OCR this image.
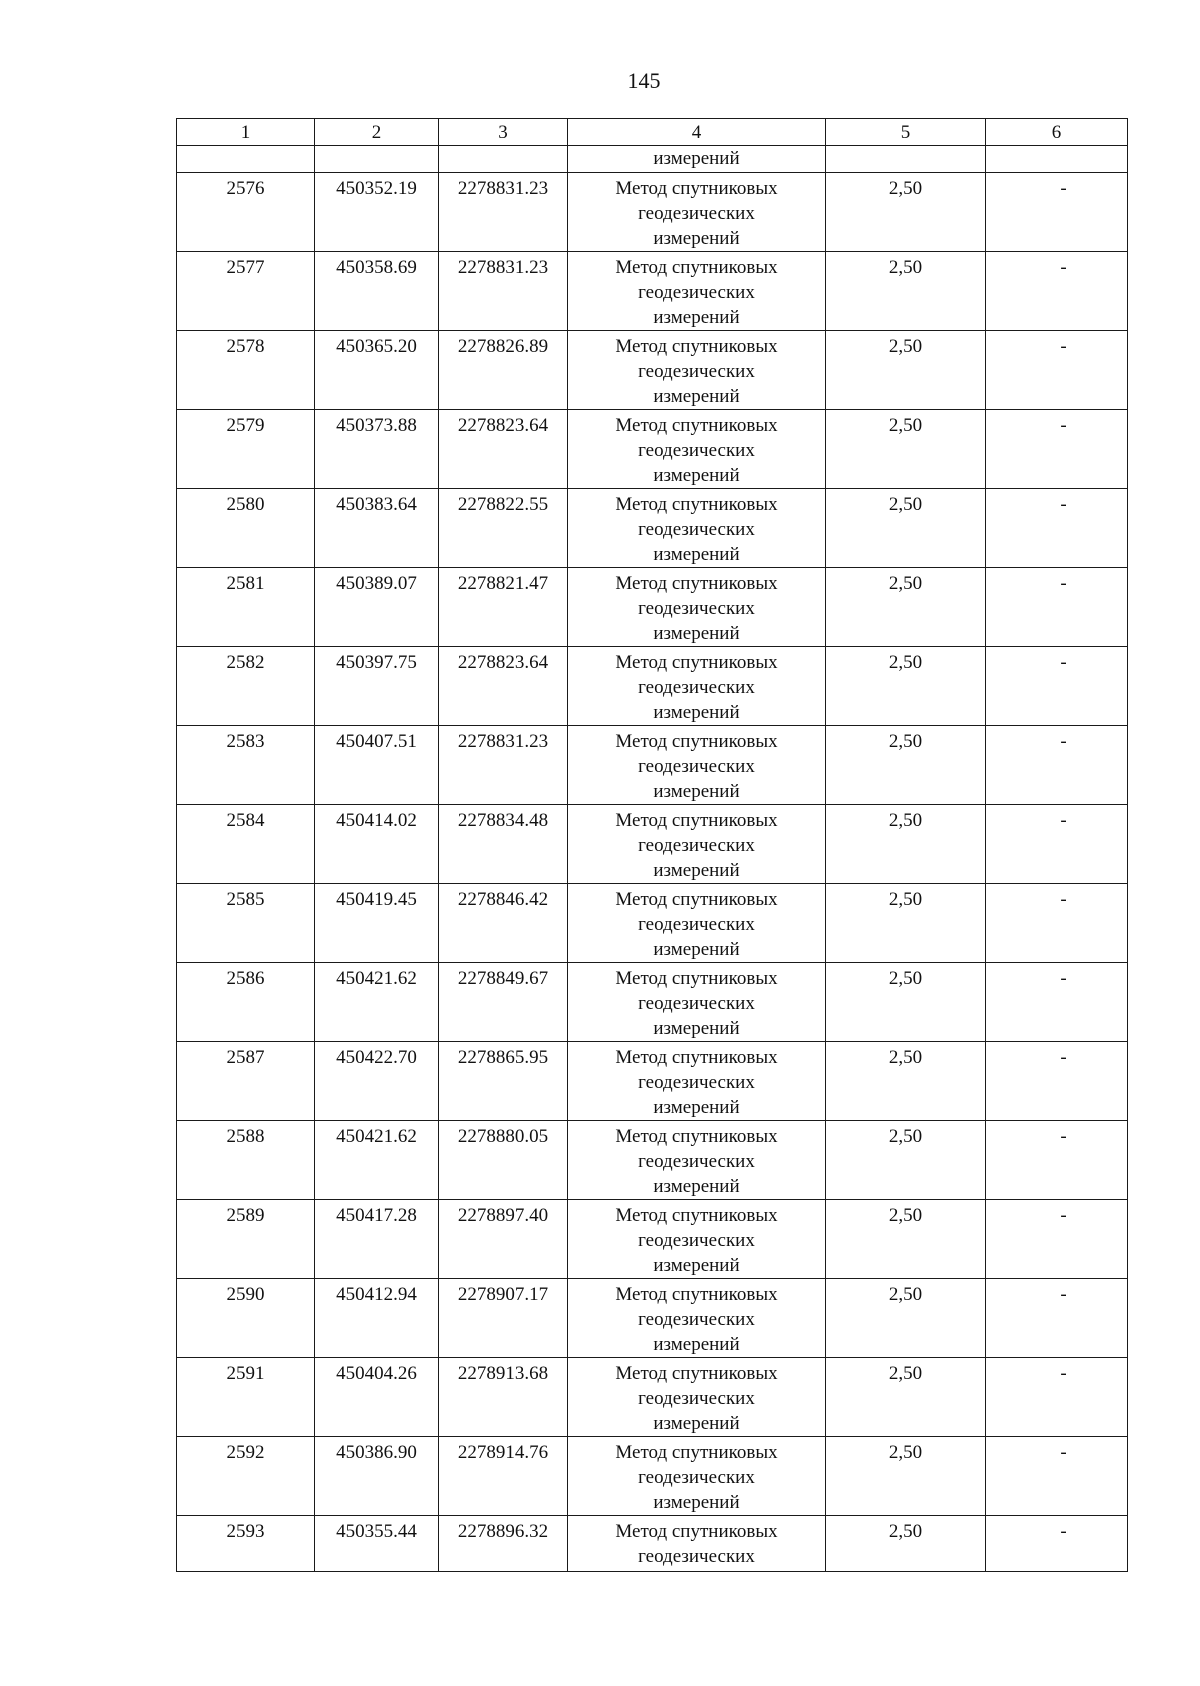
145
1	2	3	4	5	6

			измерений		

2576	450352.19	2278831.23	Метод спутниковых
геодезических
измерений	2,50	-

2577	450358.69	2278831.23	Метод спутниковых
геодезических
измерений	2,50	-

2578	450365.20	2278826.89	Метод спутниковых
геодезических
измерений	2,50	-

2579	450373.88	2278823.64	Метод спутниковых
геодезических
измерений	2,50	-

2580	450383.64	2278822.55	Метод спутниковых
геодезических
измерений	2,50	-

2581	450389.07	2278821.47	Метод спутниковых
геодезических
измерений	2,50	-

2582	450397.75	2278823.64	Метод спутниковых
геодезических
измерений	2,50	-

2583	450407.51	2278831.23	Метод спутниковых
геодезических
измерений	2,50	-

2584	450414.02	2278834.48	Метод спутниковых
геодезических
измерений	2,50	-

2585	450419.45	2278846.42	Метод спутниковых
геодезических
измерений	2,50	-

2586	450421.62	2278849.67	Метод спутниковых
геодезических
измерений	2,50	-

2587	450422.70	2278865.95	Метод спутниковых
геодезических
измерений	2,50	-

2588	450421.62	2278880.05	Метод спутниковых
геодезических
измерений	2,50	-

2589	450417.28	2278897.40	Метод спутниковых
геодезических
измерений	2,50	-

2590	450412.94	2278907.17	Метод спутниковых
геодезических
измерений	2,50	-

2591	450404.26	2278913.68	Метод спутниковых
геодезических
измерений	2,50	-

2592	450386.90	2278914.76	Метод спутниковых
геодезических
измерений	2,50	-

2593	450355.44	2278896.32	Метод спутниковых
геодезических	2,50	-
